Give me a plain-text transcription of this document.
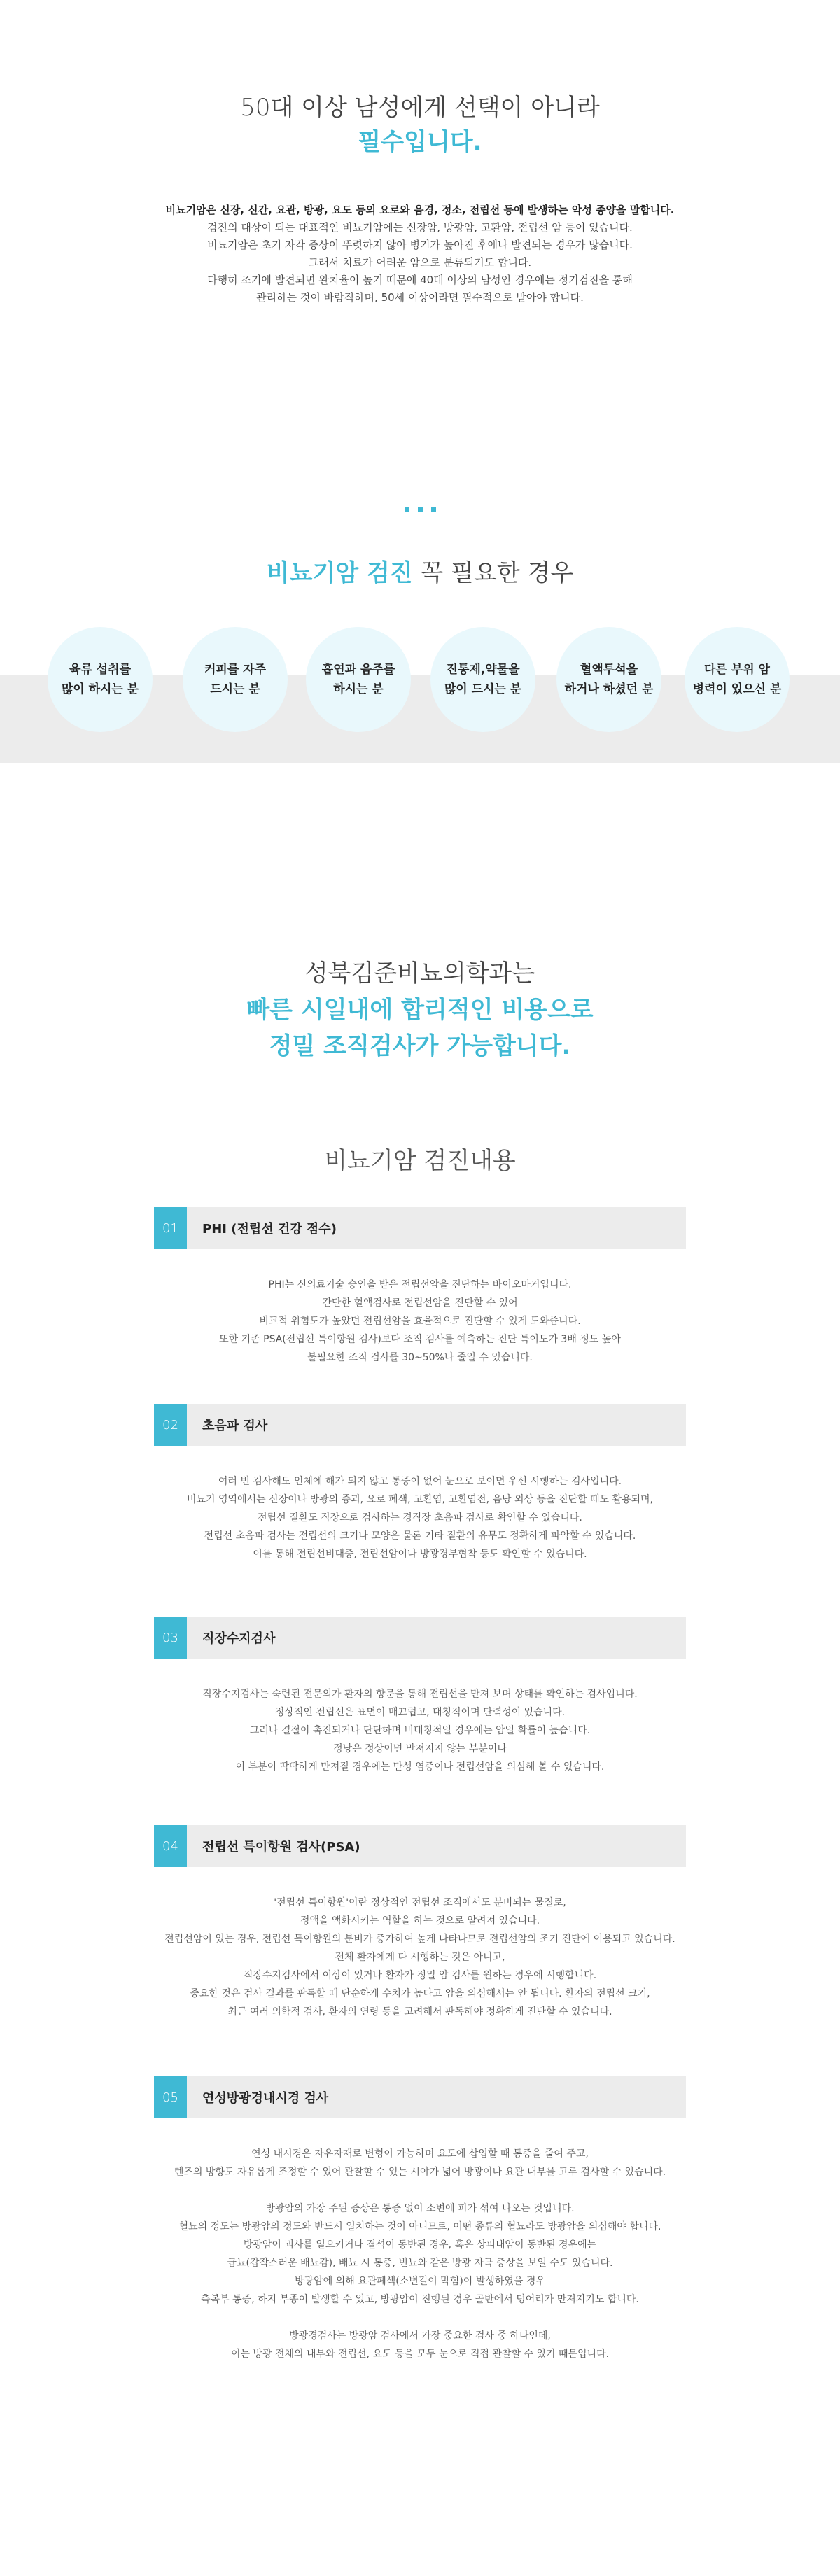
50대 이상 남성에게 선택이 아니라
필수입니다.

비뇨기암은 신장, 신간, 요관, 방광, 요도 등의 요로와 음경, 정소, 전립선 등에 발생하는 악성 종양을 말합니다.

검진의 대상이 되는 대표적인 비뇨기암에는 신장암, 방광암, 고환암, 전립선 암 등이 있습니다.

비뇨기암은 초기 자각 증상이 뚜렷하지 않아 병기가 높아진 후에나 발견되는 경우가 많습니다.

그래서 치료가 어려운 암으로 분류되기도 합니다.

다행히 조기에 발견되면 완치율이 높기 때문에 40대 이상의 남성인 경우에는 정기검진을 통해

관리하는 것이 바람직하며, 50세 이상이라면 필수적으로 받아야 합니다.

비뇨기암 검진 꼭 필요한 경우
육류 섭취를
많이 하시는 분
커피를 자주
드시는 분
흡연과 음주를
하시는 분
진통제,약물을
많이 드시는 분
혈액투석을
하거나 하셨던 분
다른 부위 암
병력이 있으신 분
성북김준비뇨의학과는
빠른 시일내에 합리적인 비용으로
정밀 조직검사가 가능합니다.
비뇨기암 검진내용
01	PHI (전립선 건강 점수)

PHI는 신의료기술 승인을 받은 전립선암을 진단하는 바이오마커입니다.

간단한 혈액검사로 전립선암을 진단할 수 있어

비교적 위험도가 높았던 전립선암을 효율적으로 진단할 수 있게 도와줍니다.

또한 기존 PSA(전립선 특이항원 검사)보다 조직 검사를 예측하는 진단 특이도가 3배 정도 높아

불필요한 조직 검사를 30~50%나 줄일 수 있습니다.

02	초음파 검사

여러 번 검사해도 인체에 해가 되지 않고 통증이 없어 눈으로 보이면 우선 시행하는 검사입니다.

비뇨기 영역에서는 신장이나 방광의 종괴, 요로 폐색, 고환염, 고환염전, 음낭 외상 등을 진단할 때도 활용되며,

전립선 질환도 직장으로 검사하는 경직장 초음파 검사로 확인할 수 있습니다.

전립선 초음파 검사는 전립선의 크기나 모양은 물론 기타 질환의 유무도 정확하게 파악할 수 있습니다.

이를 통해 전립선비대증, 전립선암이나 방광경부협착 등도 확인할 수 있습니다.

03	직장수지검사

직장수지검사는 숙련된 전문의가 환자의 항문을 통해 전립선을 만져 보며 상태를 확인하는 검사입니다.

정상적인 전립선은 표면이 매끄럽고, 대칭적이며 탄력성이 있습니다.

그러나 결절이 촉진되거나 단단하며 비대칭적일 경우에는 암일 확률이 높습니다.

정낭은 정상이면 만져지지 않는 부분이나

이 부분이 딱딱하게 만져질 경우에는 만성 염증이나 전립선암을 의심해 볼 수 있습니다.

04	전립선 특이항원 검사(PSA)

'전립선 특이항원'이란 정상적인 전립선 조직에서도 분비되는 물질로,

정액을 액화시키는 역할을 하는 것으로 알려져 있습니다.

전립선암이 있는 경우, 전립선 특이항원의 분비가 증가하여 높게 나타나므로 전립선암의 조기 진단에 이용되고 있습니다.

전체 환자에게 다 시행하는 것은 아니고,

직장수지검사에서 이상이 있거나 환자가 정밀 암 검사를 원하는 경우에 시행합니다.

중요한 것은 검사 결과를 판독할 때 단순하게 수치가 높다고 암을 의심해서는 안 됩니다. 환자의 전립선 크기,

최근 여러 의학적 검사, 환자의 연령 등을 고려해서 판독해야 정확하게 진단할 수 있습니다.

05	연성방광경내시경 검사

연성 내시경은 자유자재로 변형이 가능하며 요도에 삽입할 때 통증을 줄여 주고,

렌즈의 방향도 자유롭게 조정할 수 있어 관찰할 수 있는 시야가 넓어 방광이나 요관 내부를 고루 검사할 수 있습니다.

방광암의 가장 주된 증상은 통증 없이 소변에 피가 섞여 나오는 것입니다.

혈뇨의 정도는 방광암의 정도와 반드시 일치하는 것이 아니므로, 어떤 종류의 혈뇨라도 방광암을 의심해야 합니다.

방광암이 괴사를 일으키거나 결석이 동반된 경우, 혹은 상피내암이 동반된 경우에는

급뇨(갑작스러운 배뇨감), 배뇨 시 통증, 빈뇨와 같은 방광 자극 증상을 보일 수도 있습니다.

방광암에 의해 요관폐색(소변길이 막힘)이 발생하였을 경우

측복부 통증, 하지 부종이 발생할 수 있고, 방광암이 진행된 경우 골반에서 덩어리가 만져지기도 합니다.

방광경검사는 방광암 검사에서 가장 중요한 검사 중 하나인데,

이는 방광 전체의 내부와 전립선, 요도 등을 모두 눈으로 직접 관찰할 수 있기 때문입니다.
